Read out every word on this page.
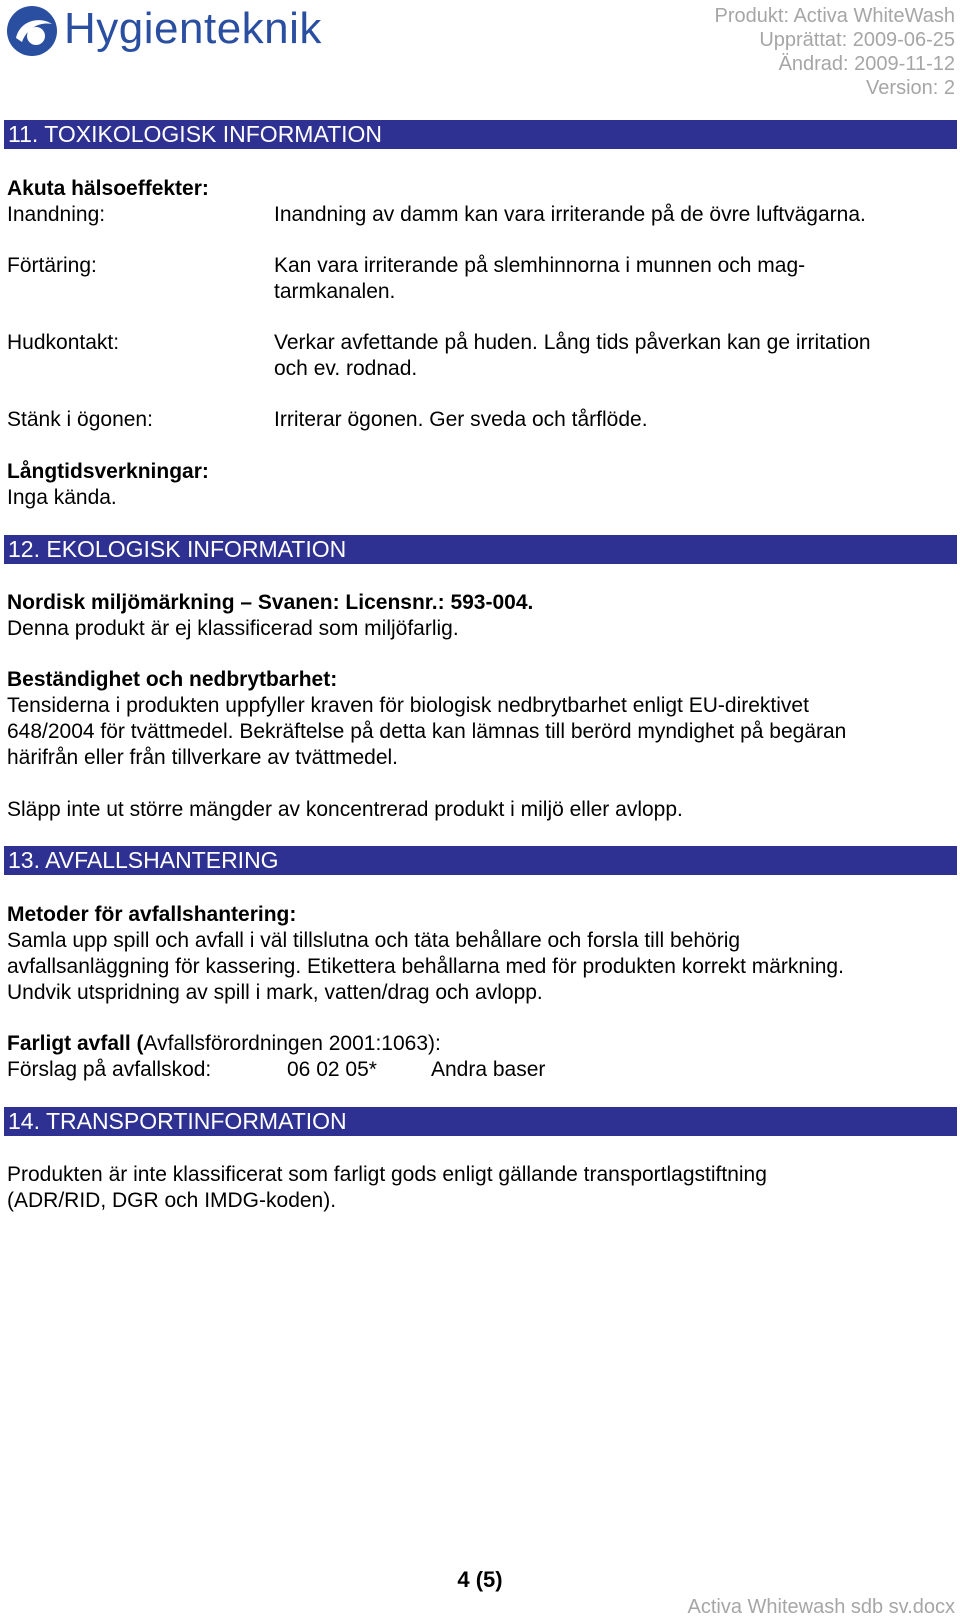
Hygienteknik	Produkt: Activa WhiteWash
Upprättat: 2009-06-25
Ändrad: 2009-11-12
Version: 2
11. TOXIKOLOGISK INFORMATION
Akuta hälsoeffekter:
Inandning:	Inandning av damm kan vara irriterande på de övre luftvägarna.
Förtäring:	Kan vara irriterande på slemhinnorna i munnen och mag-
tarmkanalen.
Hudkontakt:	Verkar avfettande på huden. Lång tids påverkan kan ge irritation
och ev. rodnad.
Stänk i ögonen:	Irriterar ögonen. Ger sveda och tårflöde.
Långtidsverkningar:
Inga kända.
12. EKOLOGISK INFORMATION
Nordisk miljömärkning – Svanen: Licensnr.: 593-004.
Denna produkt är ej klassificerad som miljöfarlig.
Beständighet och nedbrytbarhet:
Tensiderna i produkten uppfyller kraven för biologisk nedbrytbarhet enligt EU-direktivet
648/2004 för tvättmedel. Bekräftelse på detta kan lämnas till berörd myndighet på begäran
härifrån eller från tillverkare av tvättmedel.
Släpp inte ut större mängder av koncentrerad produkt i miljö eller avlopp.
13. AVFALLSHANTERING
Metoder för avfallshantering:
Samla upp spill och avfall i väl tillslutna och täta behållare och forsla till behörig
avfallsanläggning för kassering. Etikettera behållarna med för produkten korrekt märkning.
Undvik utspridning av spill i mark, vatten/drag och avlopp.
Farligt avfall (Avfallsförordningen 2001:1063):
Förslag på avfallskod:	06 02 05*	Andra baser
14. TRANSPORTINFORMATION
Produkten är inte klassificerat som farligt gods enligt gällande transportlagstiftning
(ADR/RID, DGR och IMDG-koden).
4 (5)
Activa Whitewash sdb sv.docx
